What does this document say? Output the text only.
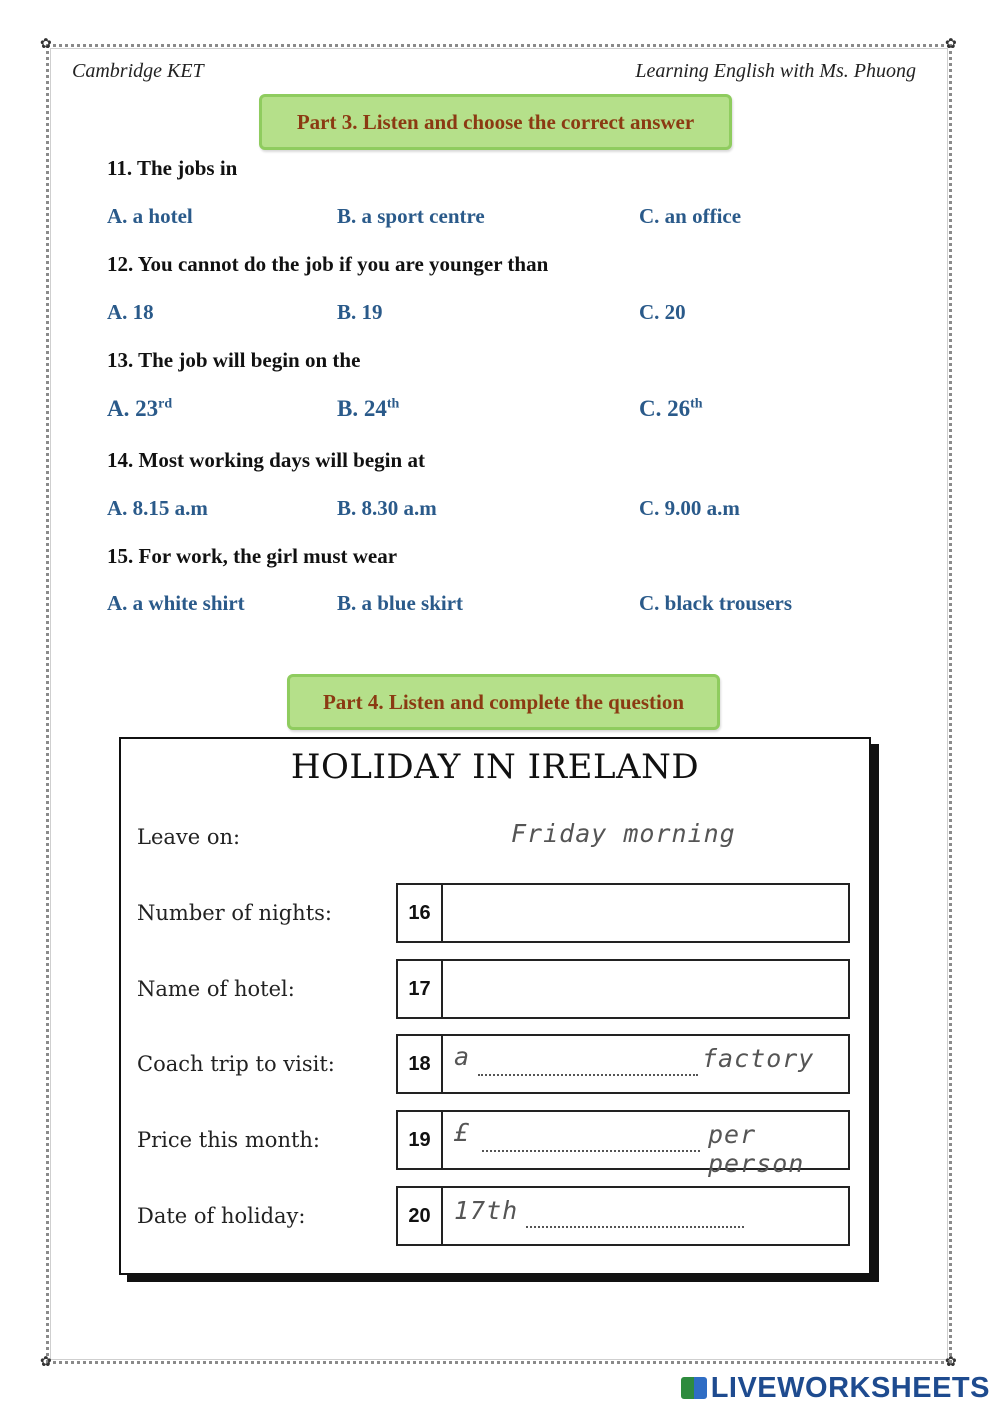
✿	✿
✿	✿
Cambridge KET	Learning English with Ms. Phuong
Part 3. Listen and choose the correct answer
11. The jobs in
A. a hotel	B. a sport centre	C. an office
12. You cannot do the job if you are younger than
A. 18	B. 19	C. 20
13. The job will begin on the
A. 23rd	B. 24th	C. 26th
14. Most working days will begin at
A. 8.15 a.m	B. 8.30 a.m	C. 9.00 a.m
15. For work, the girl must wear
A. a white shirt	B. a blue skirt	C. black trousers
Part 4. Listen and complete the question
HOLIDAY IN IRELAND
Leave on:	Friday morning
Number of nights:	16
Name of hotel:	17
Coach trip to visit:	18 a	factory
Price this month:	19 £	per person
Date of holiday:	20 17th
LIVEWORKSHEETS
